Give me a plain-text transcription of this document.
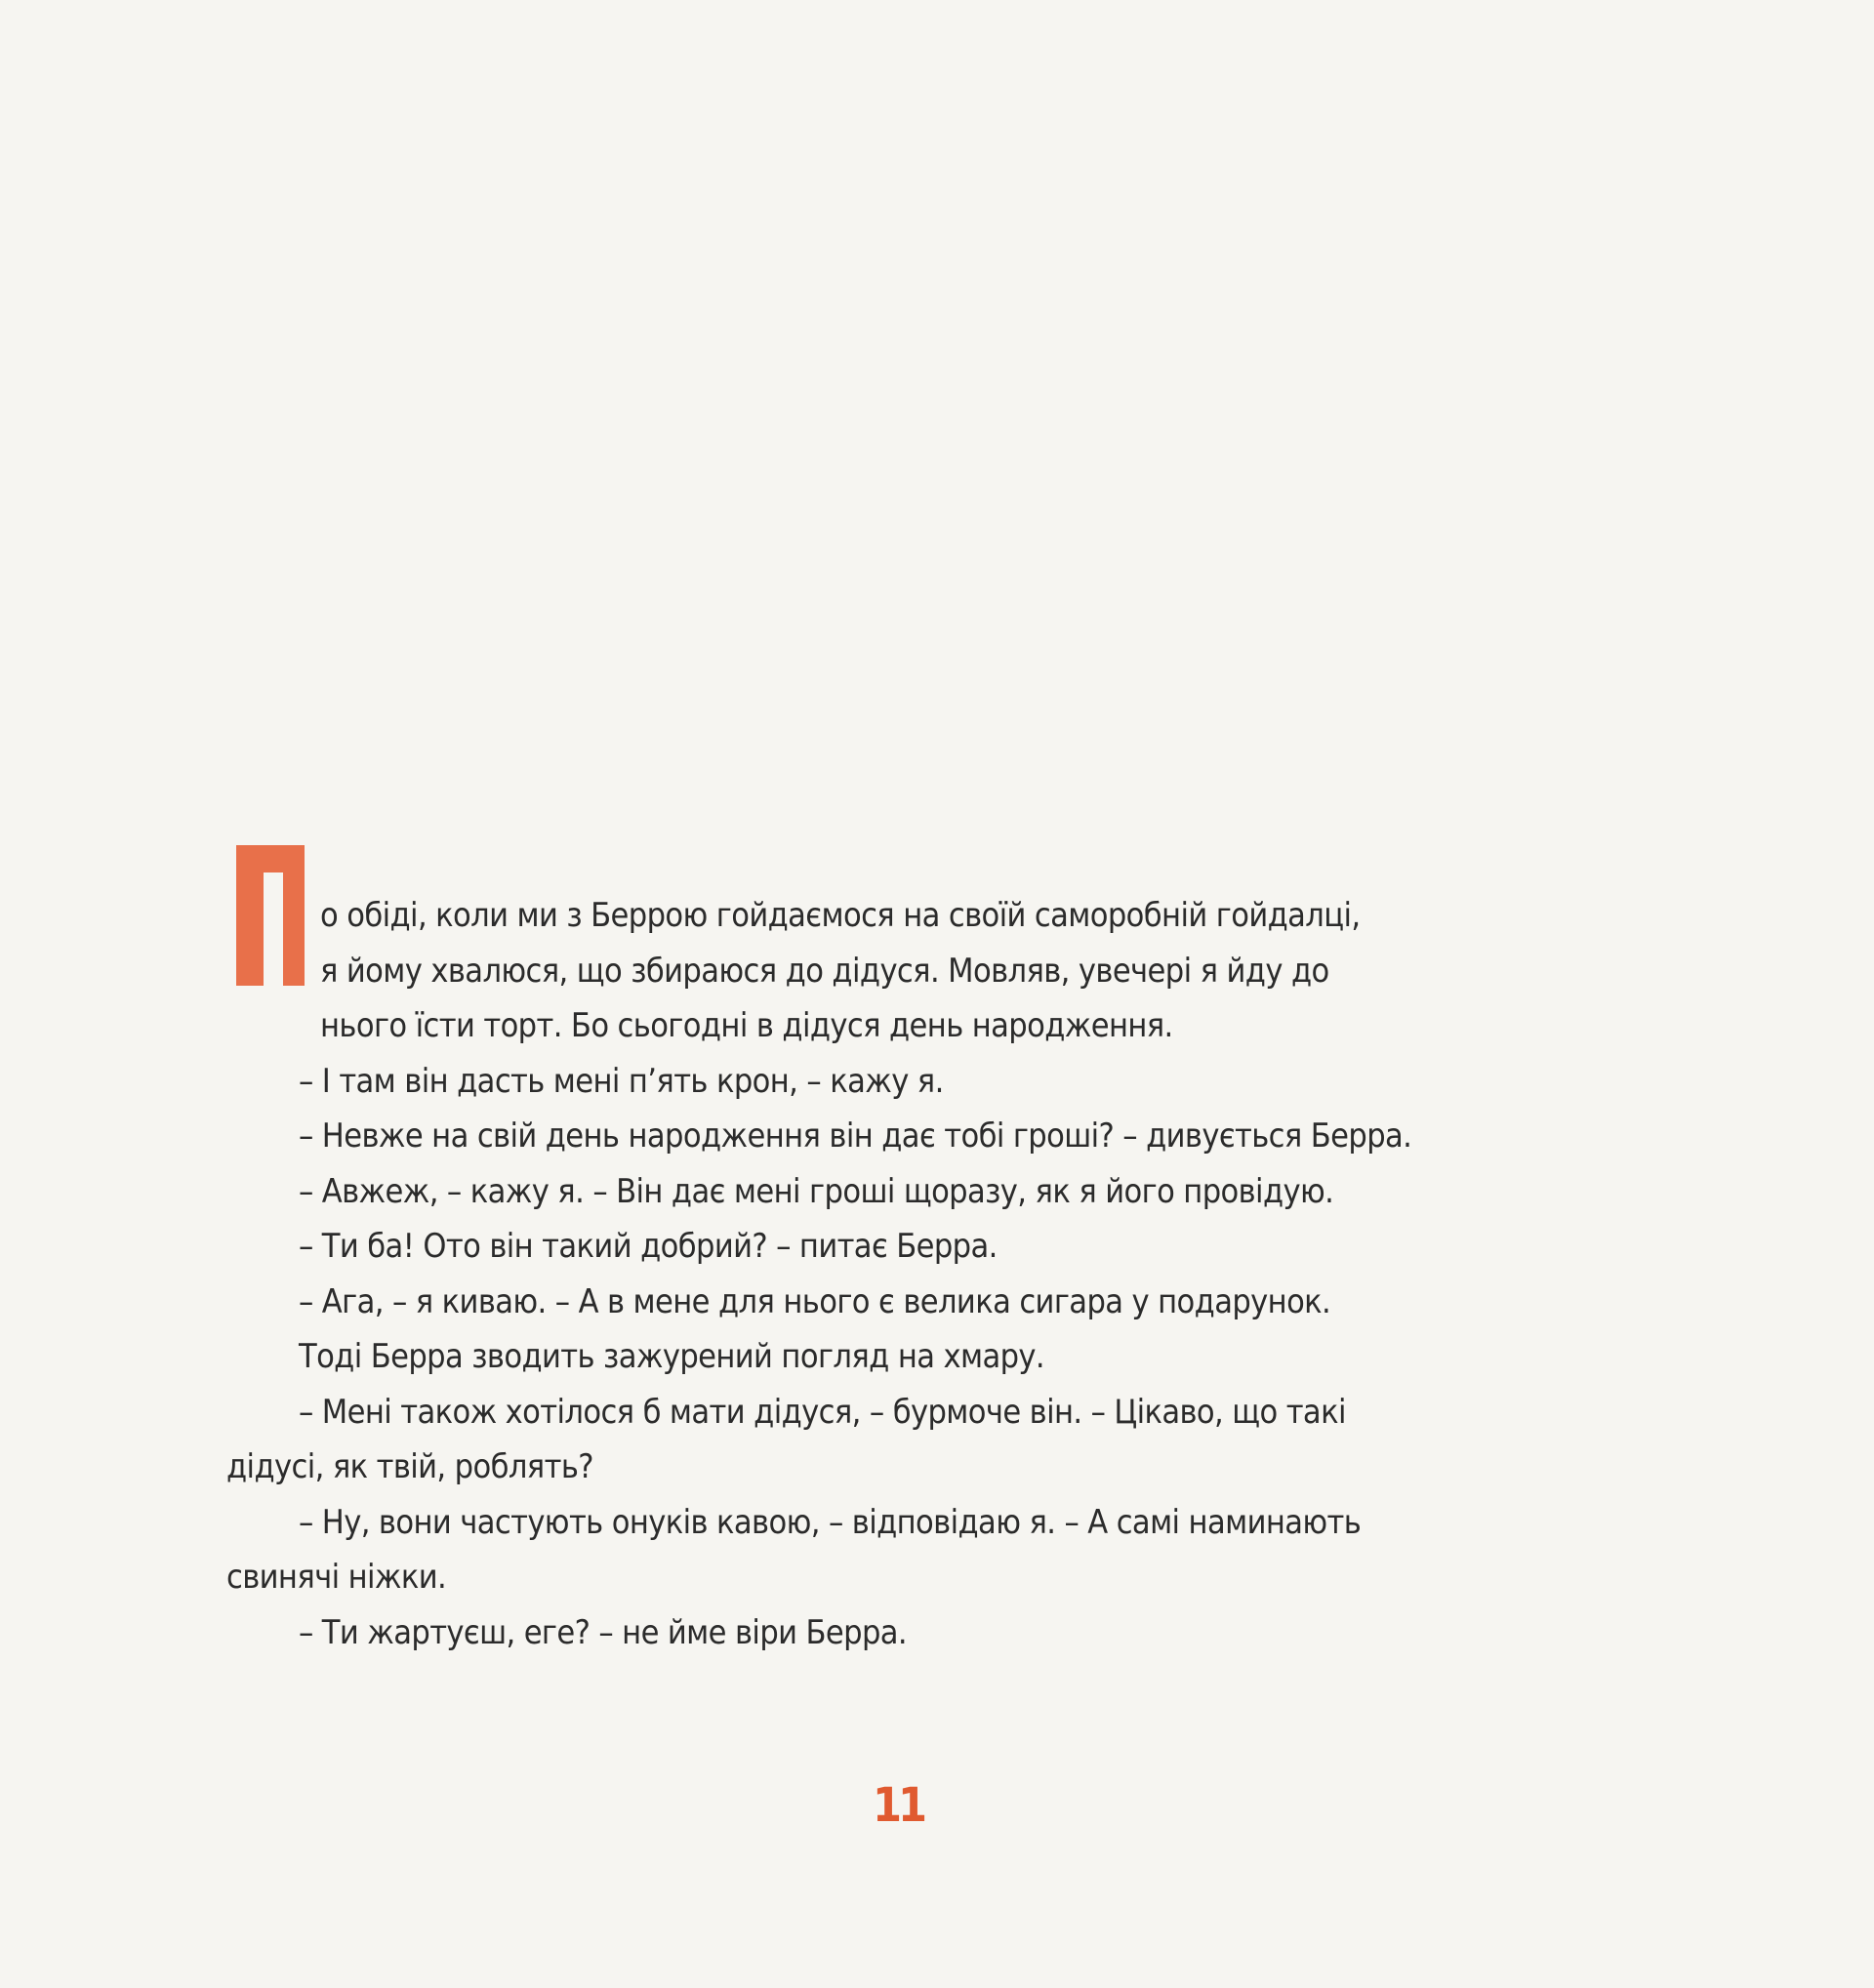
о обіді, коли ми з Беррою гойдаємося на своїй саморобній гойдалці,
я йому хвалюся, що збираюся до дідуся. Мовляв, увечері я йду до
нього їсти торт. Бо сьогодні в дідуся день народження.
– І там він дасть мені п’ять крон, – кажу я.
– Невже на свій день народження він дає тобі гроші? – дивується Берра.
– Авжеж, – кажу я. – Він дає мені гроші щоразу, як я його провідую.
– Ти ба! Ото він такий добрий? – питає Берра.
– Ага, – я киваю. – А в мене для нього є велика сигара у подарунок.
Тоді Берра зводить зажурений погляд на хмару.
– Мені також хотілося б мати дідуся, – бурмоче він. – Цікаво, що такі
дідусі, як твій, роблять?
– Ну, вони частують онуків кавою, – відповідаю я. – А самі наминають
свинячі ніжки.
– Ти жартуєш, еге? – не йме віри Берра.
11
